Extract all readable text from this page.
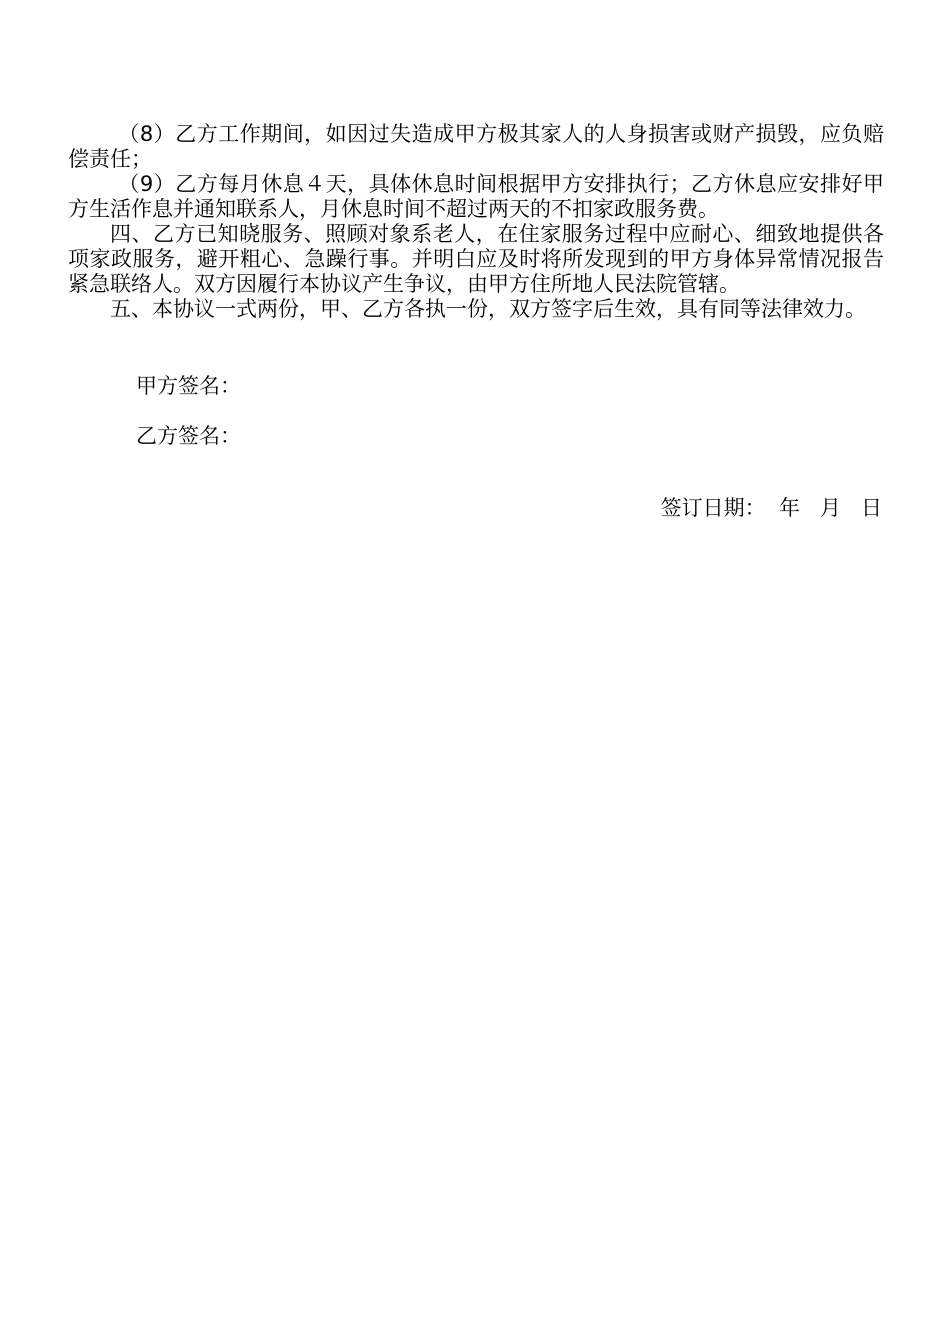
（8）乙方工作期间，如因过失造成甲方极其家人的人身损害或财产损毁，应负赔偿责任；

（9）乙方每月休息４天，具体休息时间根据甲方安排执行；乙方休息应安排好甲方生活作息并通知联系人，月休息时间不超过两天的不扣家政服务费。

四、乙方已知晓服务、照顾对象系老人，在住家服务过程中应耐心、细致地提供各项家政服务，避开粗心、急躁行事。并明白应及时将所发现到的甲方身体异常情况报告紧急联络人。双方因履行本协议产生争议，由甲方住所地人民法院管辖。

五、本协议一式两份，甲、乙方各执一份，双方签字后生效，具有同等法律效力。

甲方签名：
乙方签名：
签订日期：  年   月   日
